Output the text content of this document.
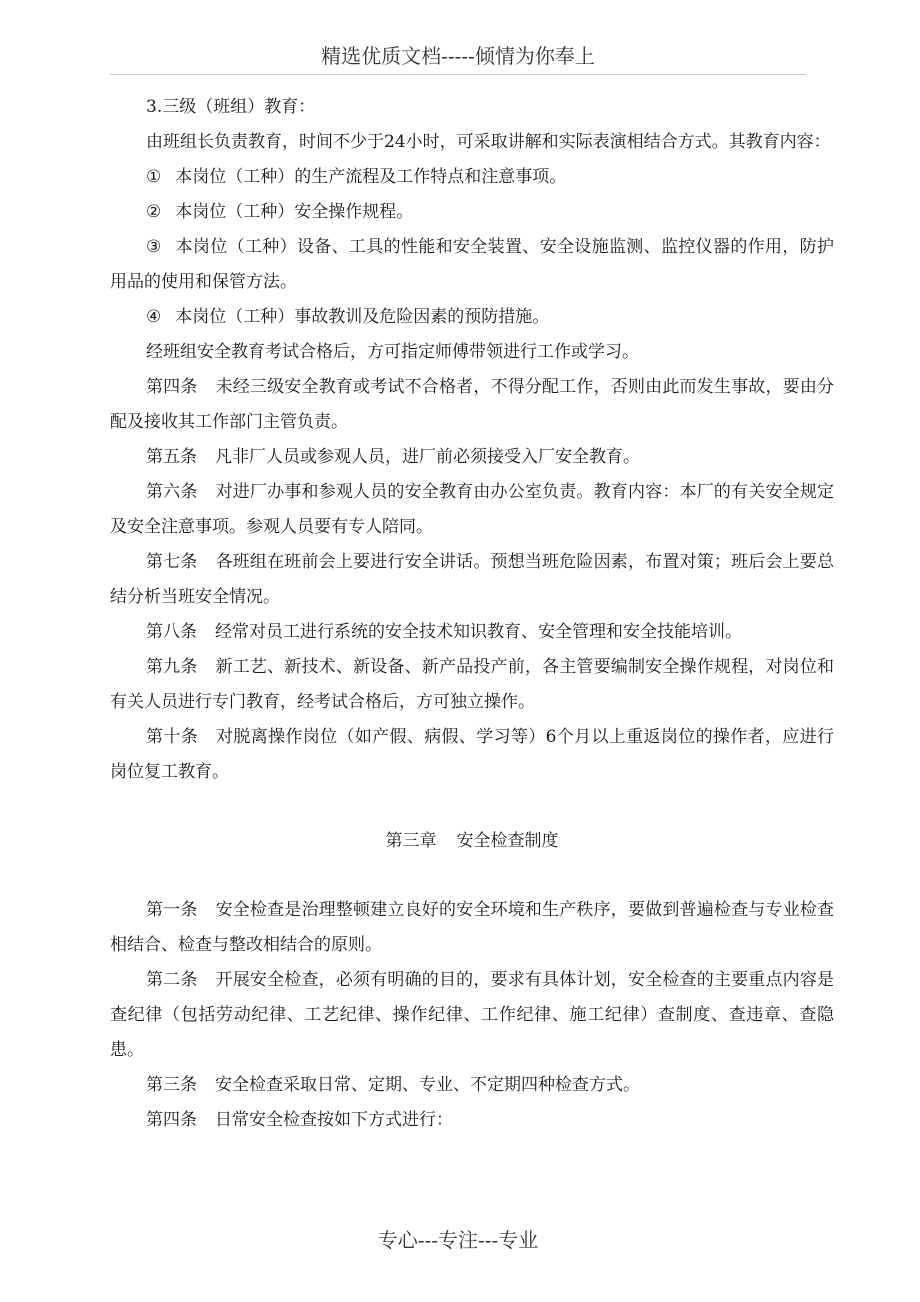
精选优质文档-----倾情为你奉上

3.三级（班组）教育：

由班组长负责教育，时间不少于24小时，可采取讲解和实际表演相结合方式。其教育内容：

① 本岗位（工种）的生产流程及工作特点和注意事项。

② 本岗位（工种）安全操作规程。

③ 本岗位（工种）设备、工具的性能和安全装置、安全设施监测、监控仪器的作用，防护用品的使用和保管方法。

④ 本岗位（工种）事故教训及危险因素的预防措施。

经班组安全教育考试合格后，方可指定师傅带领进行工作或学习。

第四条 未经三级安全教育或考试不合格者，不得分配工作，否则由此而发生事故，要由分配及接收其工作部门主管负责。

第五条 凡非厂人员或参观人员，进厂前必须接受入厂安全教育。

第六条 对进厂办事和参观人员的安全教育由办公室负责。教育内容：本厂的有关安全规定及安全注意事项。参观人员要有专人陪同。

第七条 各班组在班前会上要进行安全讲话。预想当班危险因素，布置对策；班后会上要总结分析当班安全情况。

第八条 经常对员工进行系统的安全技术知识教育、安全管理和安全技能培训。

第九条 新工艺、新技术、新设备、新产品投产前，各主管要编制安全操作规程，对岗位和有关人员进行专门教育，经考试合格后，方可独立操作。

第十条 对脱离操作岗位（如产假、病假、学习等）6个月以上重返岗位的操作者，应进行岗位复工教育。

第三章 安全检查制度

第一条 安全检查是治理整顿建立良好的安全环境和生产秩序，要做到普遍检查与专业检查相结合、检查与整改相结合的原则。

第二条 开展安全检查，必须有明确的目的，要求有具体计划，安全检查的主要重点内容是查纪律（包括劳动纪律、工艺纪律、操作纪律、工作纪律、施工纪律）查制度、查违章、查隐患。

第三条 安全检查采取日常、定期、专业、不定期四种检查方式。

第四条 日常安全检查按如下方式进行：

专心---专注---专业
